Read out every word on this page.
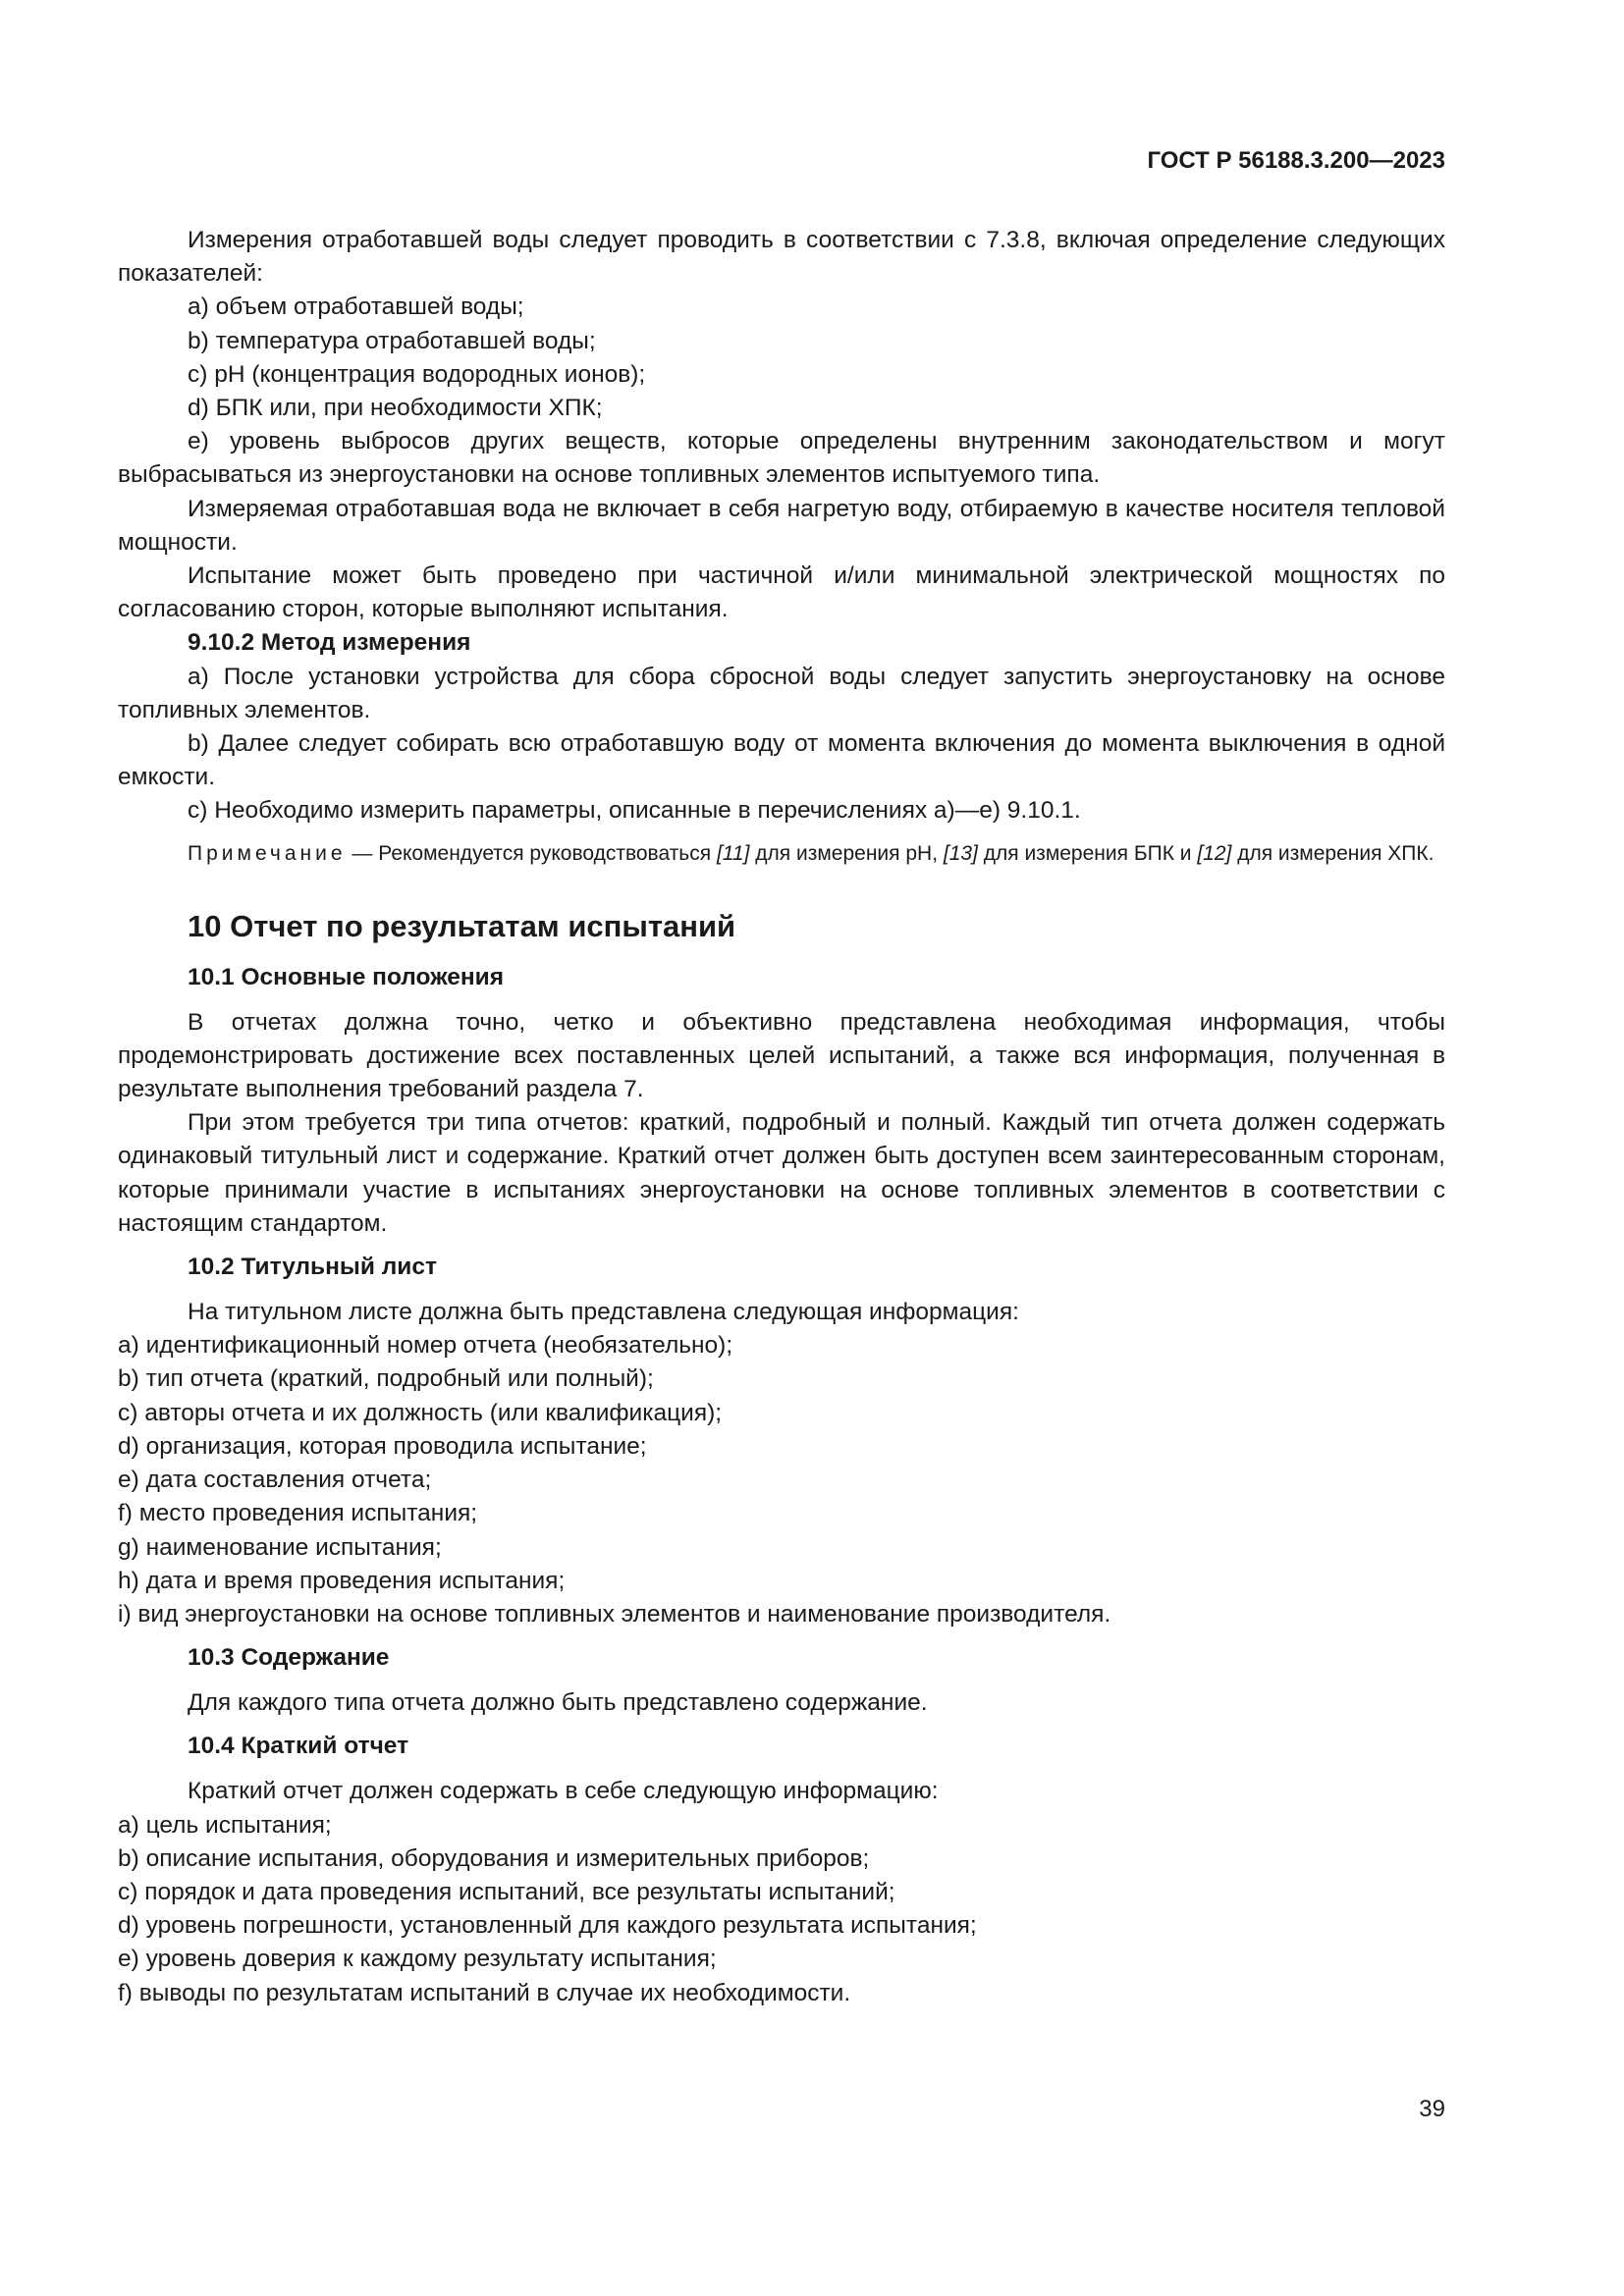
ГОСТ Р 56188.3.200—2023

Измерения отработавшей воды следует проводить в соответствии с 7.3.8, включая определение следующих показателей:

a) объем отработавшей воды;

b) температура отработавшей воды;

c) pH (концентрация водородных ионов);

d) БПК или, при необходимости ХПК;

e) уровень выбросов других веществ, которые определены внутренним законодательством и могут выбрасываться из энергоустановки на основе топливных элементов испытуемого типа.

Измеряемая отработавшая вода не включает в себя нагретую воду, отбираемую в качестве носителя тепловой мощности.

Испытание может быть проведено при частичной и/или минимальной электрической мощностях по согласованию сторон, которые выполняют испытания.

9.10.2 Метод измерения

a) После установки устройства для сбора сбросной воды следует запустить энергоустановку на основе топливных элементов.

b) Далее следует собирать всю отработавшую воду от момента включения до момента выключения в одной емкости.

c) Необходимо измерить параметры, описанные в перечислениях a)—e) 9.10.1.

Примечание — Рекомендуется руководствоваться [11] для измерения pH, [13] для измерения БПК и [12] для измерения ХПК.

10 Отчет по результатам испытаний
10.1 Основные положения

В отчетах должна точно, четко и объективно представлена необходимая информация, чтобы продемонстрировать достижение всех поставленных целей испытаний, а также вся информация, полученная в результате выполнения требований раздела 7.

При этом требуется три типа отчетов: краткий, подробный и полный. Каждый тип отчета должен содержать одинаковый титульный лист и содержание. Краткий отчет должен быть доступен всем заинтересованным сторонам, которые принимали участие в испытаниях энергоустановки на основе топливных элементов в соответствии с настоящим стандартом.

10.2 Титульный лист

На титульном листе должна быть представлена следующая информация:

a) идентификационный номер отчета (необязательно);

b) тип отчета (краткий, подробный или полный);

c) авторы отчета и их должность (или квалификация);

d) организация, которая проводила испытание;

e) дата составления отчета;

f) место проведения испытания;

g) наименование испытания;

h) дата и время проведения испытания;

i) вид энергоустановки на основе топливных элементов и наименование производителя.

10.3 Содержание

Для каждого типа отчета должно быть представлено содержание.

10.4 Краткий отчет

Краткий отчет должен содержать в себе следующую информацию:

a) цель испытания;

b) описание испытания, оборудования и измерительных приборов;

c) порядок и дата проведения испытаний, все результаты испытаний;

d) уровень погрешности, установленный для каждого результата испытания;

e) уровень доверия к каждому результату испытания;

f) выводы по результатам испытаний в случае их необходимости.

39
